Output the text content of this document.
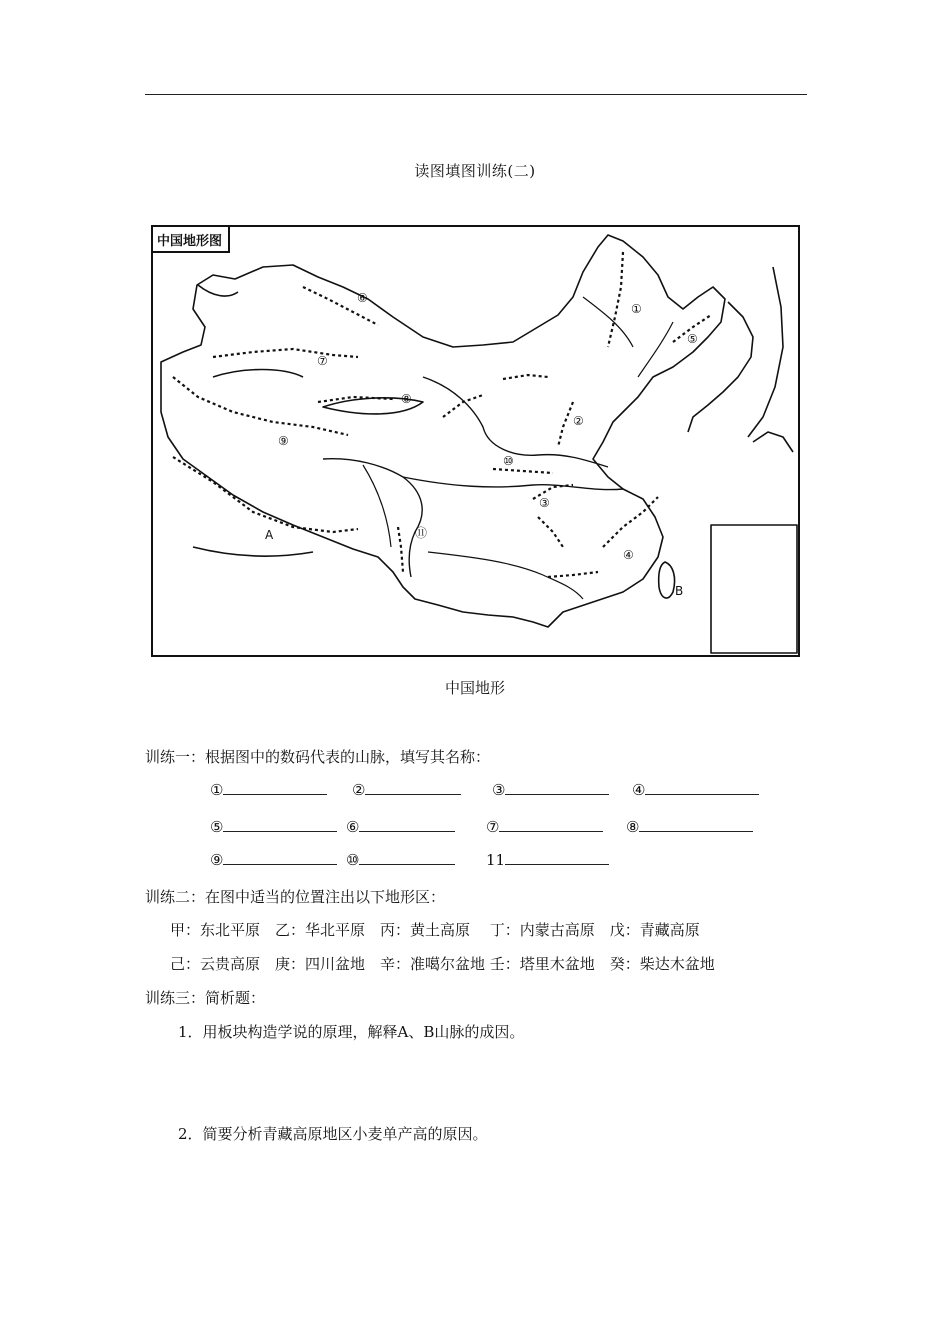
读图填图训练(二)
①
②
③
④
⑤
⑥
⑦
⑧
⑨
⑩
⑪
A
B
中国地形图
中国地形
训练一：根据图中的数码代表的山脉，填写其名称：
①	②	③	④
⑤	⑥	⑦	⑧
⑨	⑩	11
训练二：在图中适当的位置注出以下地形区：
甲：东北平原　乙：华北平原　丙：黄土高原　 丁：内蒙古高原　戊：青藏高原
己：云贵高原　庚：四川盆地　辛：准噶尔盆地 壬：塔里木盆地　癸：柴达木盆地
训练三：简析题：
1．用板块构造学说的原理，解释A、B山脉的成因。
2．简要分析青藏高原地区小麦单产高的原因。
